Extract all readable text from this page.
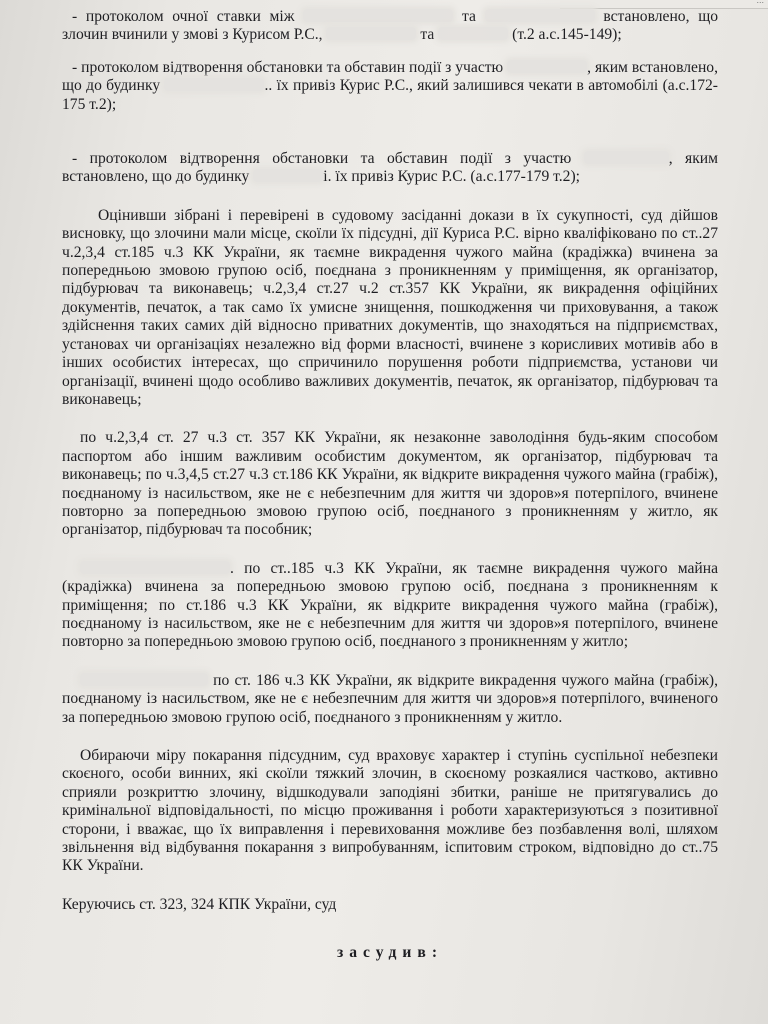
...

- протоколом очної ставки між	та	встановлено, що злочин вчинили у змові з Курисом Р.С.,	та	(т.2 а.с.145-149);

- протоколом відтворення обстановки та обставин події з участю	, яким встановлено, що до будинку	.. їх привіз Курис Р.С., який залишився чекати в автомобілі (а.с.172-175 т.2);

- протоколом відтворення обстановки та обставин події з участю	, яким встановлено, що до будинку	і. їх привіз Курис Р.С. (а.с.177-179 т.2);

Оцінивши зібрані і перевірені в судовому засіданні докази в їх сукупності, суд дійшов висновку, що злочини мали місце, скоїли їх підсудні, дії Куриса Р.С. вірно кваліфіковано по ст..27 ч.2,3,4 ст.185 ч.3 КК України, як таємне викрадення чужого майна (крадіжка) вчинена за попередньою змовою групою осіб, поєднана з проникненням у приміщення, як організатор, підбурювач та виконавець; ч.2,3,4 ст.27 ч.2 ст.357 КК України, як викрадення офіційних документів, печаток, а так само їх умисне знищення, пошкодження чи приховування, а також здійснення таких самих дій відносно приватних документів, що знаходяться на підприємствах, установах чи організаціях незалежно від форми власності, вчинене з корисливих мотивів або в інших особистих інтересах, що спричинило порушення роботи підприємства, установи чи організації, вчинені щодо особливо важливих документів, печаток, як організатор, підбурювач та виконавець;

по ч.2,3,4 ст. 27 ч.3 ст. 357 КК України, як незаконне заволодіння будь-яким способом паспортом або іншим важливим особистим документом, як організатор, підбурювач та виконавець; по ч.3,4,5 ст.27 ч.3 ст.186 КК України, як відкрите викрадення чужого майна (грабіж), поєднаному із насильством, яке не є небезпечним для життя чи здоров»я потерпілого, вчинене повторно за попередньою змовою групою осіб, поєднаного з проникненням у житло, як організатор, підбурювач та пособник;

. по ст..185 ч.3 КК України, як таємне викрадення чужого майна (крадіжка) вчинена за попередньою змовою групою осіб, поєднана з проникненням к приміщення; по ст.186 ч.3 КК України, як відкрите викрадення чужого майна (грабіж), поєднаному із насильством, яке не є небезпечним для життя чи здоров»я потерпілого, вчинене повторно за попередньою змовою групою осіб, поєднаного з проникненням у житло;

по ст. 186 ч.3 КК України, як відкрите викрадення чужого майна (грабіж), поєднаному із насильством, яке не є небезпечним для життя чи здоров»я потерпілого, вчиненого за попередньою змовою групою осіб, поєднаного з проникненням у житло.

Обираючи міру покарання підсудним, суд враховує характер і ступінь суспільної небезпеки скоєного, особи винних, які скоїли тяжкий злочин, в скоєному розкаялися частково, активно сприяли розкриттю злочину, відшкодували заподіяні збитки, раніше не притягувались до кримінальної відповідальності, по місцю проживання і роботи характеризуються з позитивної сторони, і вважає, що їх виправлення і перевиховання можливе без позбавлення волі, шляхом звільнення від відбування покарання з випробуванням, іспитовим строком, відповідно до ст..75 КК України.

Керуючись ст. 323, 324 КПК України, суд

засудив:
